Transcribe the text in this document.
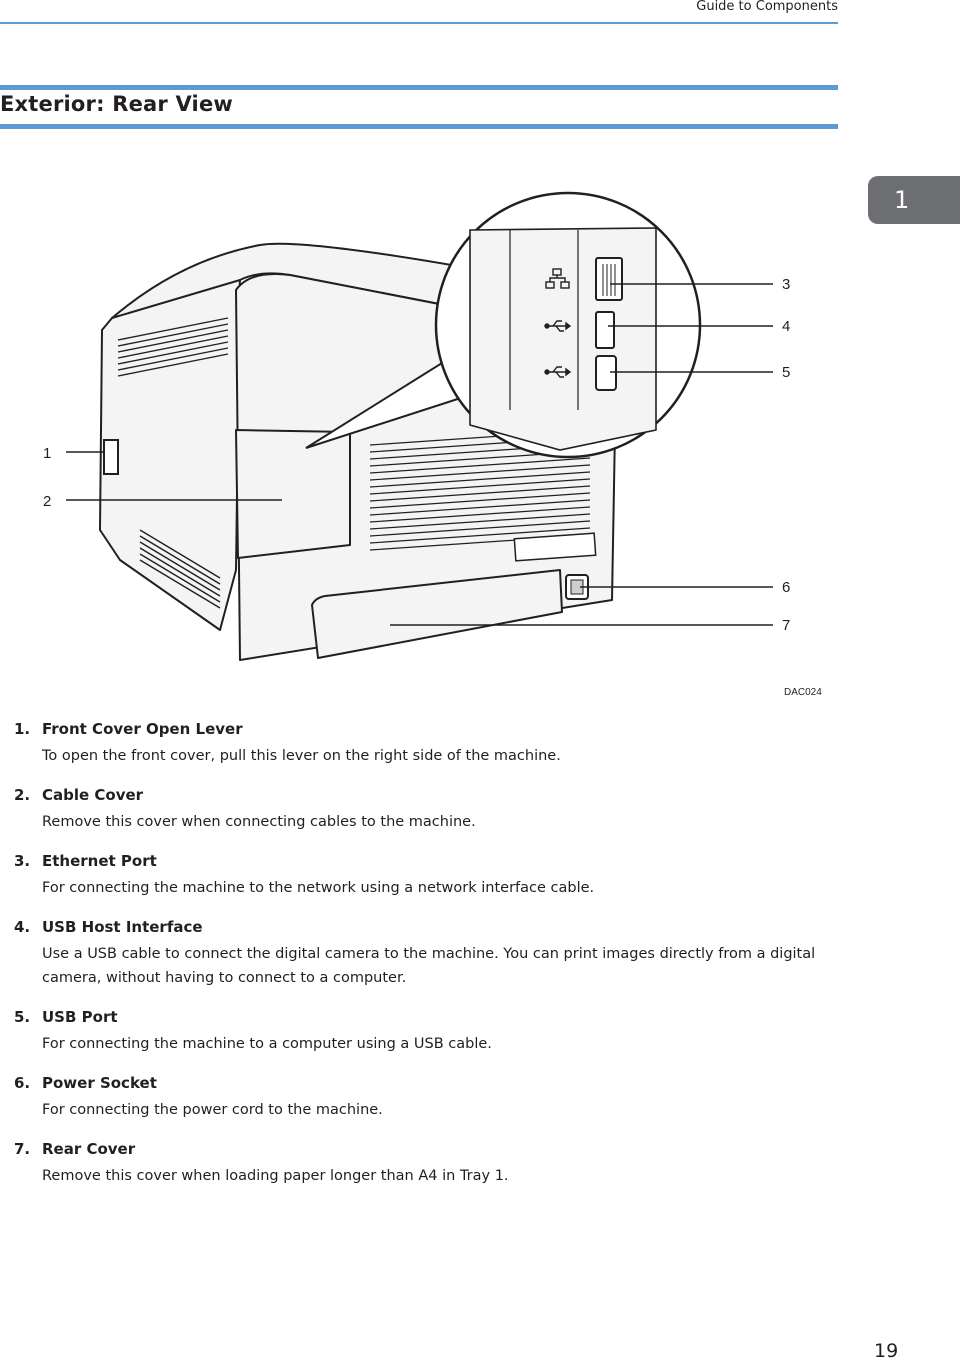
Guide to Components
1
Exterior: Rear View
1
2
3
4
5
6
7
DAC024
1. Front Cover Open Lever
To open the front cover, pull this lever on the right side of the machine.
2. Cable Cover
Remove this cover when connecting cables to the machine.
3. Ethernet Port
For connecting the machine to the network using a network interface cable.
4. USB Host Interface
Use a USB cable to connect the digital camera to the machine. You can print images directly from a digital camera, without having to connect to a computer.
5. USB Port
For connecting the machine to a computer using a USB cable.
6. Power Socket
For connecting the power cord to the machine.
7. Rear Cover
Remove this cover when loading paper longer than A4 in Tray 1.
19
